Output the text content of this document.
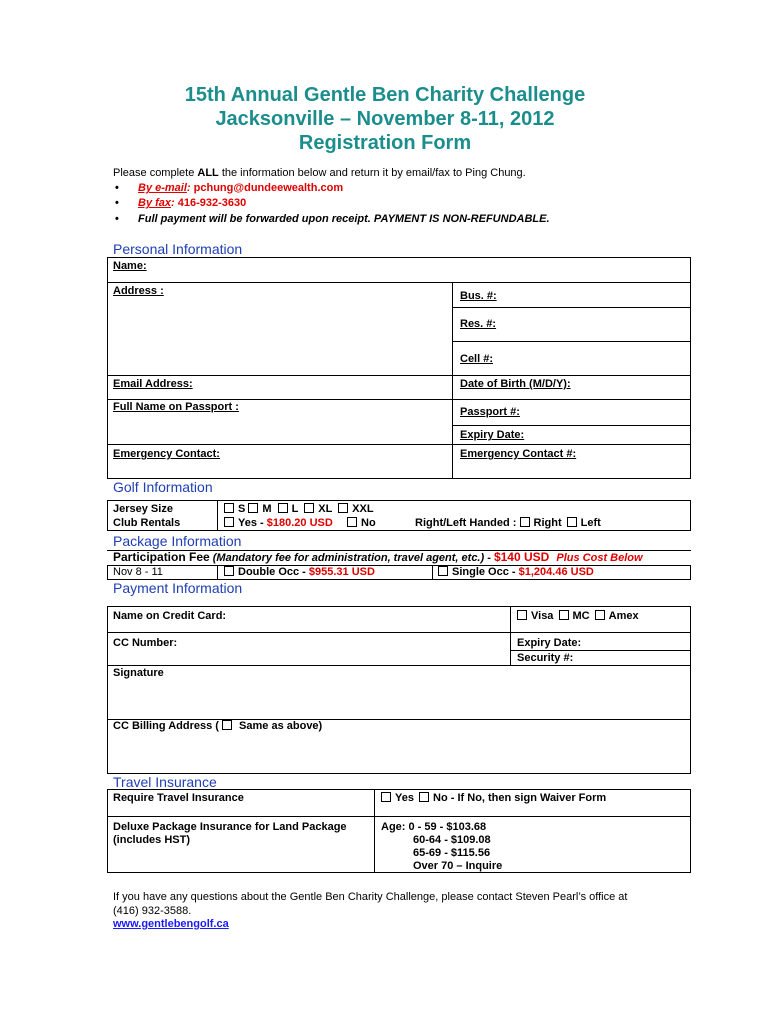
15th Annual Gentle Ben Charity Challenge
Jacksonville – November 8-11, 2012
Registration Form
Please complete ALL the information below and return it by email/fax to Ping Chung.
• By e-mail: pchung@dundeewealth.com
• By fax: 416-932-3630
• Full payment will be forwarded upon receipt. PAYMENT IS NON-REFUNDABLE.
Personal Information
Name:
Address :	Bus. #:
Res. #:
Cell #:
Email Address:	Date of Birth (M/D/Y):
Full Name on Passport :	Passport #:
Expiry Date:
Emergency Contact:	Emergency Contact #:
Golf Information
Jersey Size	S M L XL XXL
Club Rentals	Yes - $180.20 USD	No	Right/Left Handed : Right Left
Package Information
Participation Fee (Mandatory fee for administration, travel agent, etc.) - $140 USD Plus Cost Below
Nov 8 - 11	Double Occ - $955.31 USD	Single Occ - $1,204.46 USD
Payment Information
Name on Credit Card:	Visa MC Amex
CC Number:	Expiry Date:
Security #:
Signature
CC Billing Address (  Same as above)
Travel Insurance
Require Travel Insurance	Yes No - If No, then sign Waiver Form
Deluxe Package Insurance for Land Package
(includes HST)
Age: 0 - 59 - $103.68
60-64 - $109.08
65-69 - $115.56
Over 70 – Inquire
If you have any questions about the Gentle Ben Charity Challenge, please contact Steven Pearl’s office at
(416) 932-3588.
www.gentlebengolf.ca
